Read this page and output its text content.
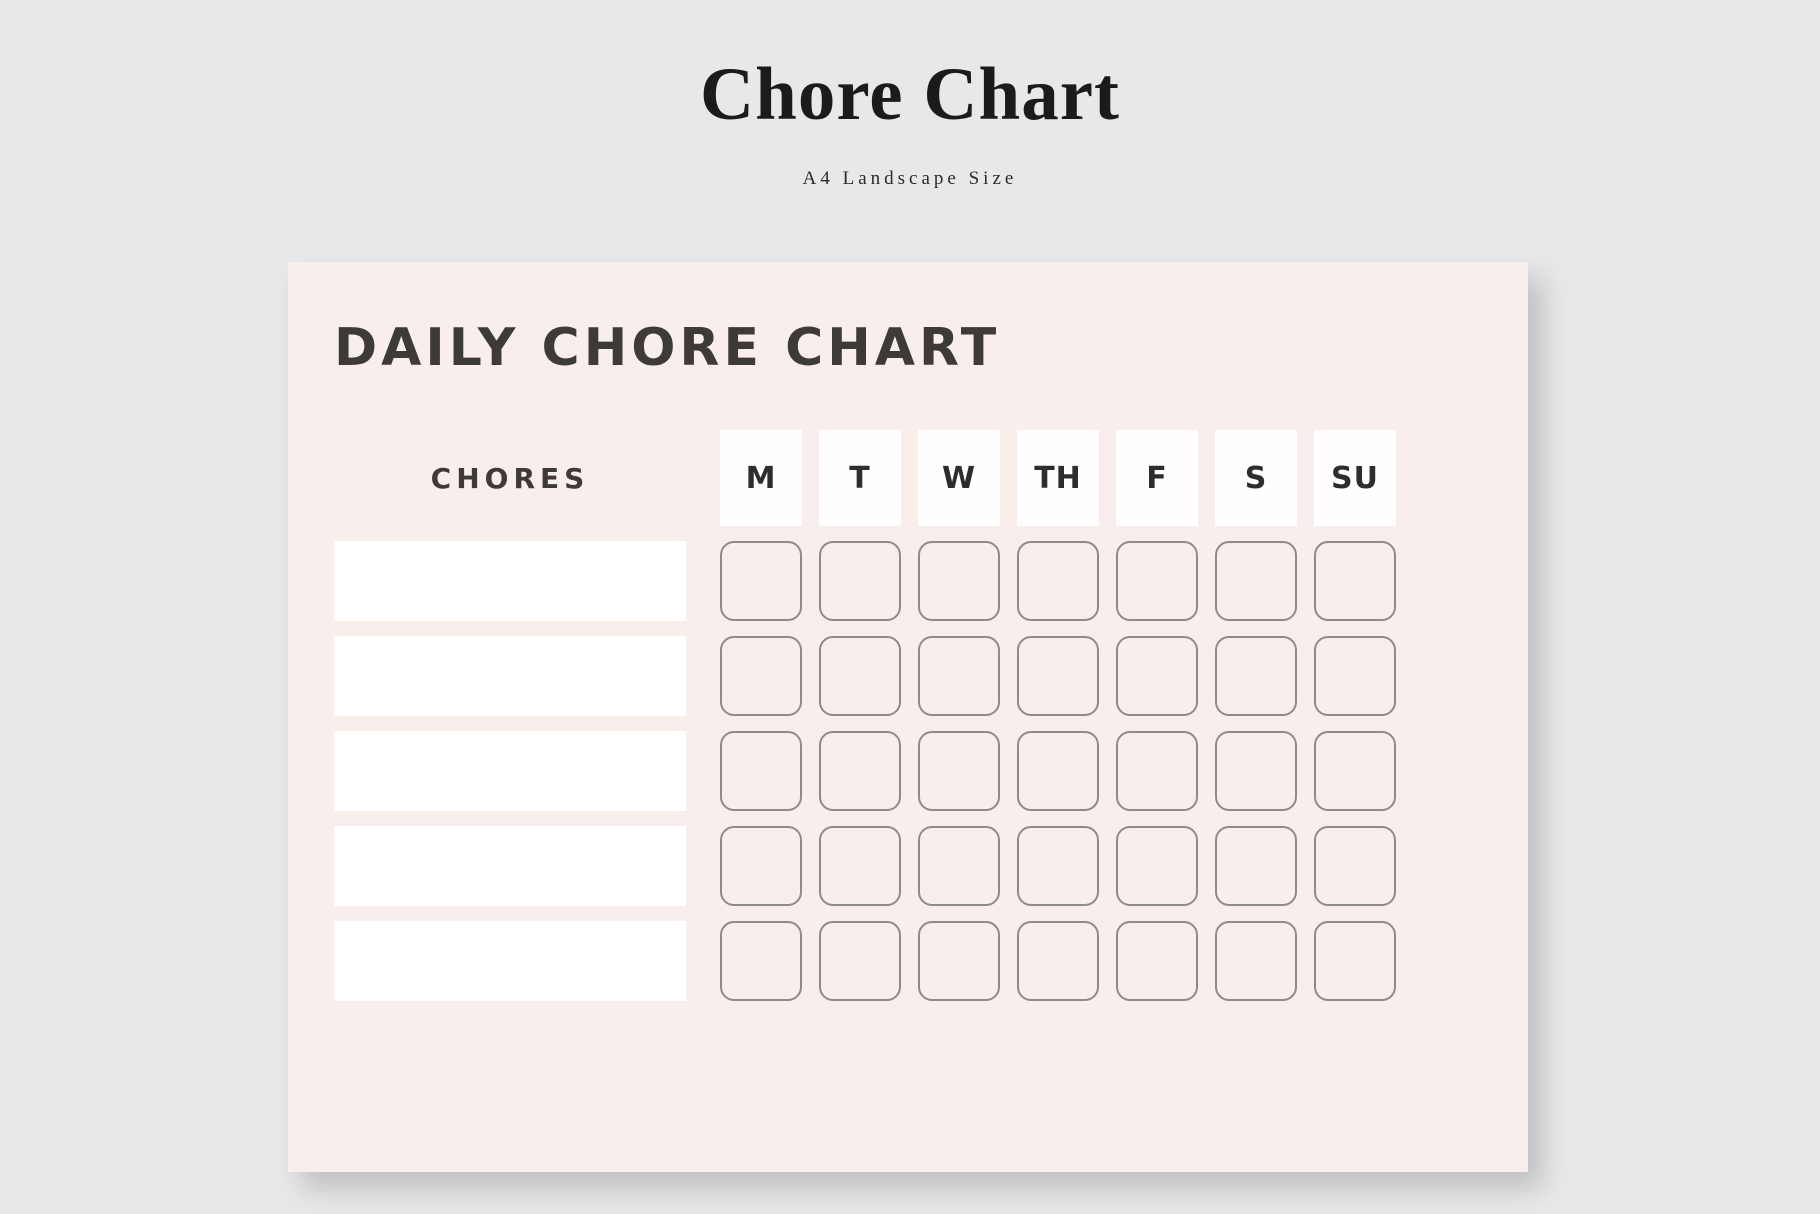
Chore Chart
A4 Landscape Size
DAILY CHORE CHART
CHORES	M	T	W	TH	F	S	SU
